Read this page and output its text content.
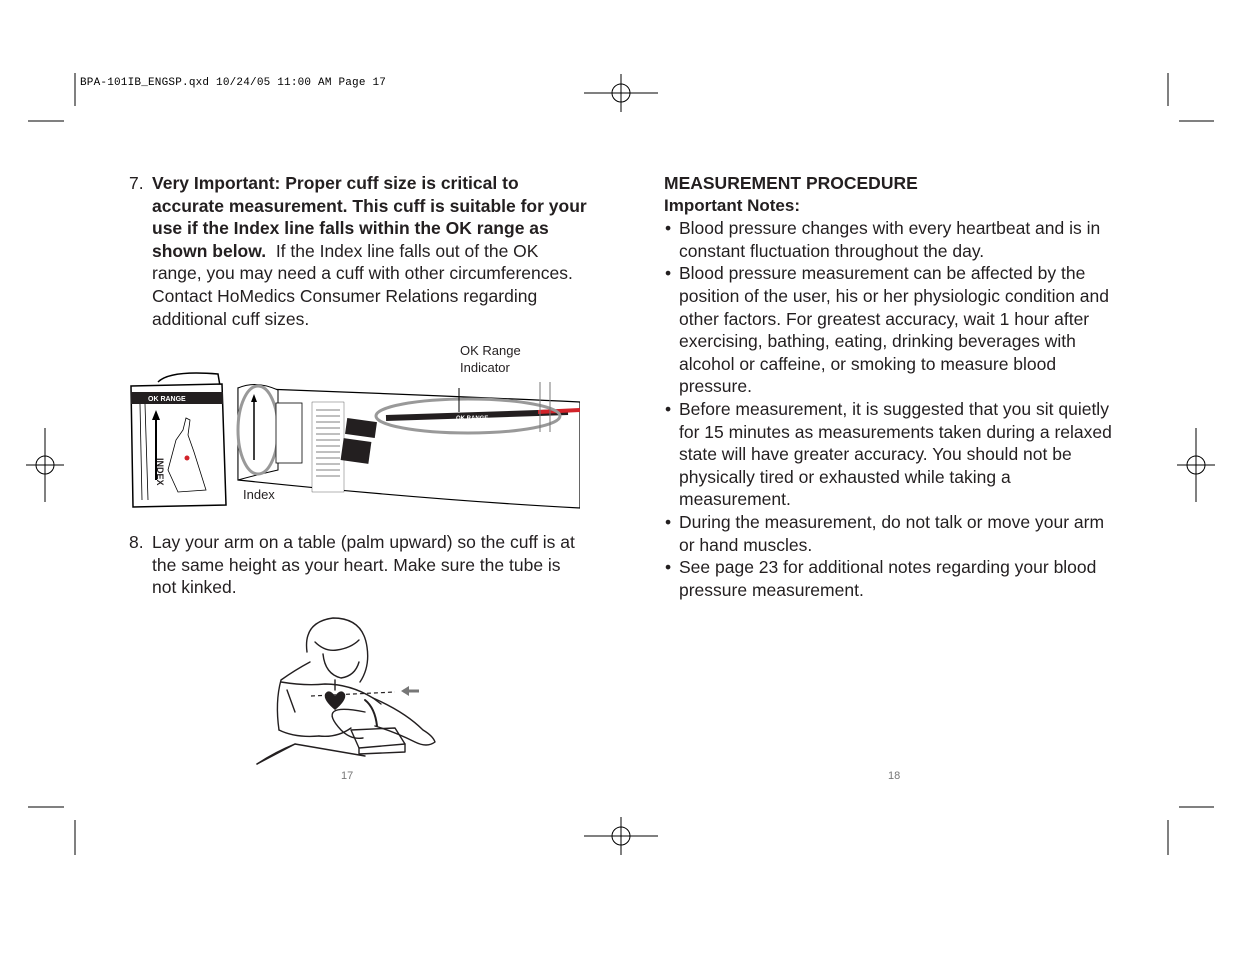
BPA-101IB_ENGSP.qxd 10/24/05 11:00 AM Page 17
7. Very Important: Proper cuff size is critical to accurate measurement. This cuff is suitable for your use if the Index line falls within the OK range as shown below. If the Index line falls out of the OK range, you may need a cuff with other circumferences. Contact HoMedics Consumer Relations regarding additional cuff sizes.
OK RANGE
INDEX
OK RANGE
OK Range
Indicator
Index
8. Lay your arm on a table (palm upward) so the cuff is at the same height as your heart. Make sure the tube is not kinked.
17
MEASUREMENT PROCEDURE
Important Notes:
• Blood pressure changes with every heartbeat and is in constant fluctuation throughout the day.
• Blood pressure measurement can be affected by the position of the user, his or her physiologic condition and other factors. For greatest accuracy, wait 1 hour after exercising, bathing, eating, drinking beverages with alcohol or caffeine, or smoking to measure blood pressure.
• Before measurement, it is suggested that you sit quietly for 15 minutes as measurements taken during a relaxed state will have greater accuracy. You should not be physically tired or exhausted while taking a measurement.
• During the measurement, do not talk or move your arm or hand muscles.
• See page 23 for additional notes regarding your blood pressure measurement.
18
